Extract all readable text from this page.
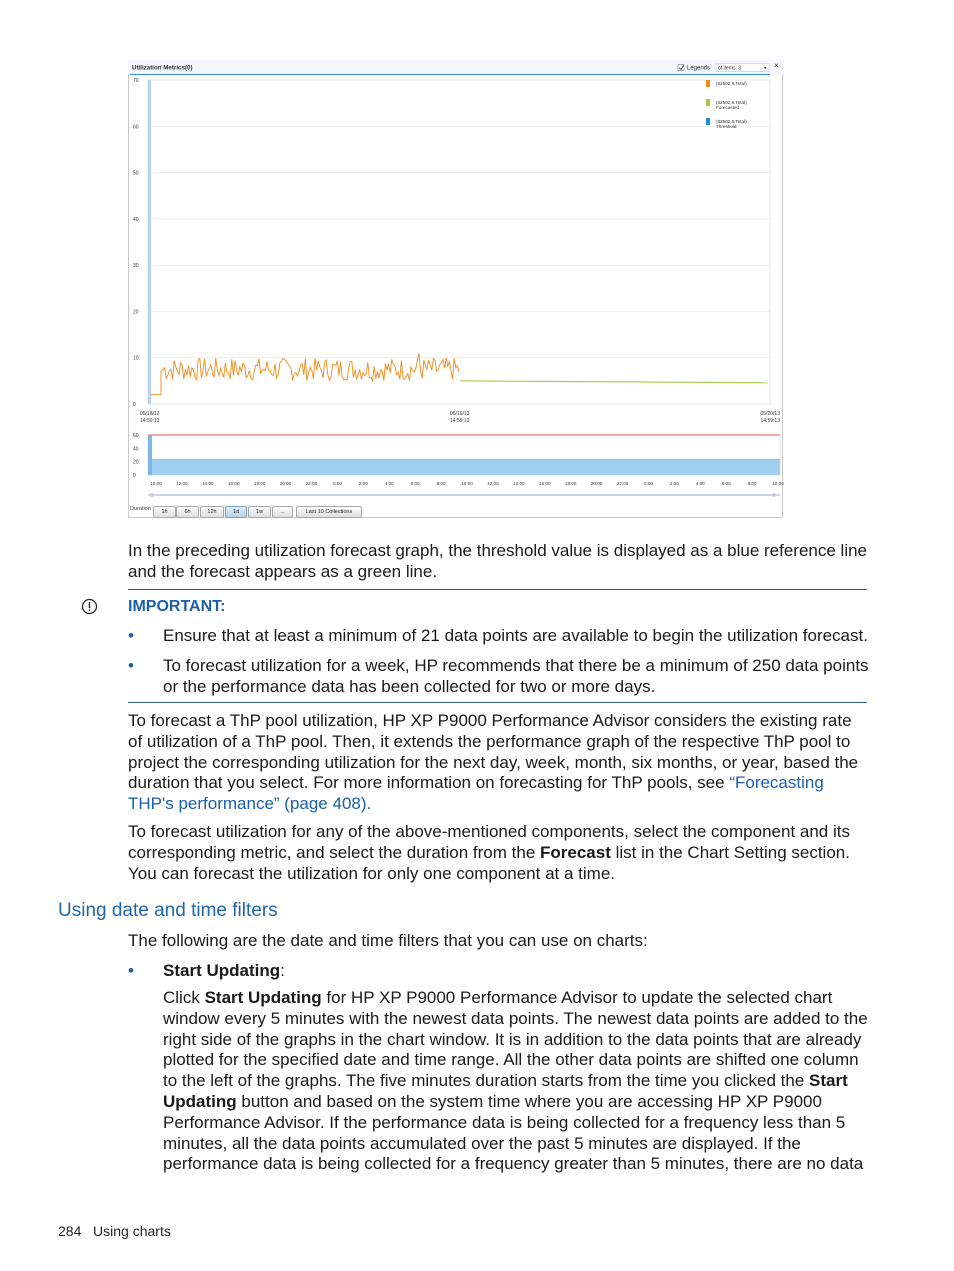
Utilization Metrics(0)	Legends of items: 3	▾ ×
0
10
20
30
40
50
60
70
05/18/13
14:59:13
05/19/13
14:59:13
05/20/13
14:59:13
0
20
40
60
15:00	12:00	14:00	16:00	18:00	20:00	22:00	0:00	2:00	4:00	6:00	8:00	10:00	12:00	14:00	16:00	18:00	20:00	22:00	0:00	2:00	4:00	6:00	8:00	10:00
(82502,8,Total)
(82502,8,Total)
Forecasted
(82502,8,Total)
Threshold
Duration	1h	6h	12h	1d	1w	...	Last 10 Collections
In the preceding utilization forecast graph, the threshold value is displayed as a blue reference line and the forecast appears as a green line.
IMPORTANT:
• Ensure that at least a minimum of 21 data points are available to begin the utilization forecast.
• To forecast utilization for a week, HP recommends that there be a minimum of 250 data points or the performance data has been collected for two or more days.
To forecast a ThP pool utilization, HP XP P9000 Performance Advisor considers the existing rate of utilization of a ThP pool. Then, it extends the performance graph of the respective ThP pool to project the corresponding utilization for the next day, week, month, six months, or year, based the duration that you select. For more information on forecasting for ThP pools, see “Forecasting THP's performance” (page 408).
To forecast utilization for any of the above-mentioned components, select the component and its corresponding metric, and select the duration from the Forecast list in the Chart Setting section. You can forecast the utilization for only one component at a time.
Using date and time filters
The following are the date and time filters that you can use on charts:
• Start Updating:
Click Start Updating for HP XP P9000 Performance Advisor to update the selected chart window every 5 minutes with the newest data points. The newest data points are added to the right side of the graphs in the chart window. It is in addition to the data points that are already plotted for the specified date and time range. All the other data points are shifted one column to the left of the graphs. The five minutes duration starts from the time you clicked the Start Updating button and based on the system time where you are accessing HP XP P9000 Performance Advisor. If the performance data is being collected for a frequency less than 5 minutes, all the data points accumulated over the past 5 minutes are displayed. If the performance data is being collected for a frequency greater than 5 minutes, there are no data
284 Using charts
